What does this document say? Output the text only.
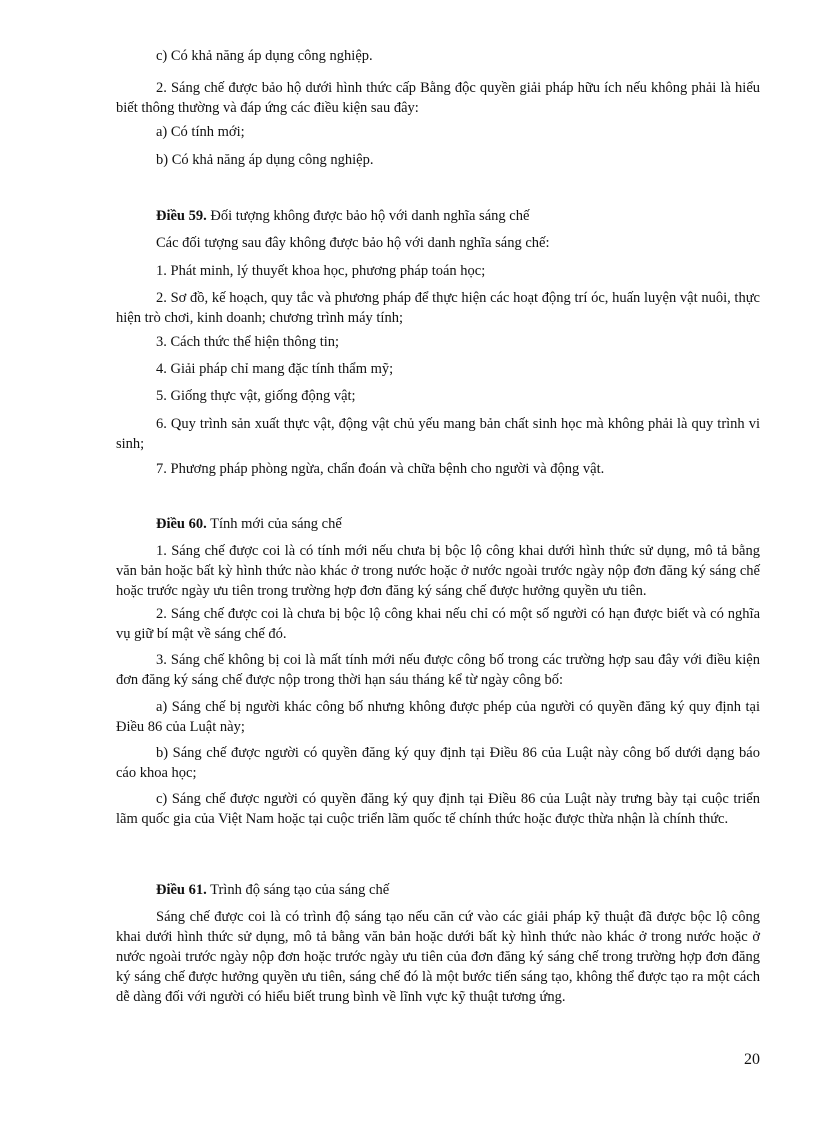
c) Có khả năng áp dụng công nghiệp.

2. Sáng chế được bảo hộ dưới hình thức cấp Bằng độc quyền giải pháp hữu ích nếu không phải là hiểu biết thông thường và đáp ứng các điều kiện sau đây:

a) Có tính mới;

b) Có khả năng áp dụng công nghiệp.

Điều 59. Đối tượng không được bảo hộ với danh nghĩa sáng chế

Các đối tượng sau đây không được bảo hộ với danh nghĩa sáng chế:

1. Phát minh, lý thuyết khoa học, phương pháp toán học;

2. Sơ đồ, kế hoạch, quy tắc và phương pháp để thực hiện các hoạt động trí óc, huấn luyện vật nuôi, thực hiện trò chơi, kinh doanh; chương trình máy tính;

3. Cách thức thể hiện thông tin;

4. Giải pháp chỉ mang đặc tính thẩm mỹ;

5. Giống thực vật, giống động vật;

6. Quy trình sản xuất thực vật, động vật chủ yếu mang bản chất sinh học mà không phải là quy trình vi sinh;

7. Phương pháp phòng ngừa, chẩn đoán và chữa bệnh cho người và động vật.

Điều 60. Tính mới của sáng chế

1. Sáng chế được coi là có tính mới nếu chưa bị bộc lộ công khai dưới hình thức sử dụng, mô tả bằng văn bản hoặc bất kỳ hình thức nào khác ở trong nước hoặc ở nước ngoài trước ngày nộp đơn đăng ký sáng chế hoặc trước ngày ưu tiên trong trường hợp đơn đăng ký sáng chế được hưởng quyền ưu tiên.

2. Sáng chế được coi là chưa bị bộc lộ công khai nếu chỉ có một số người có hạn được biết và có nghĩa vụ giữ bí mật về sáng chế đó.

3. Sáng chế không bị coi là mất tính mới nếu được công bố trong các trường hợp sau đây với điều kiện đơn đăng ký sáng chế được nộp trong thời hạn sáu tháng kể từ ngày công bố:

a) Sáng chế bị người khác công bố nhưng không được phép của người có quyền đăng ký quy định tại Điều 86 của Luật này;

b) Sáng chế được người có quyền đăng ký quy định tại Điều 86 của Luật này công bố dưới dạng báo cáo khoa học;

c) Sáng chế được người có quyền đăng ký quy định tại Điều 86 của Luật này trưng bày tại cuộc triển lãm quốc gia của Việt Nam hoặc tại cuộc triển lãm quốc tế chính thức hoặc được thừa nhận là chính thức.

Điều 61. Trình độ sáng tạo của sáng chế

Sáng chế được coi là có trình độ sáng tạo nếu căn cứ vào các giải pháp kỹ thuật đã được bộc lộ công khai dưới hình thức sử dụng, mô tả bằng văn bản hoặc dưới bất kỳ hình thức nào khác ở trong nước hoặc ở nước ngoài trước ngày nộp đơn hoặc trước ngày ưu tiên của đơn đăng ký sáng chế trong trường hợp đơn đăng ký sáng chế được hưởng quyền ưu tiên, sáng chế đó là một bước tiến sáng tạo, không thể được tạo ra một cách dễ dàng đối với người có hiểu biết trung bình về lĩnh vực kỹ thuật tương ứng.

20
